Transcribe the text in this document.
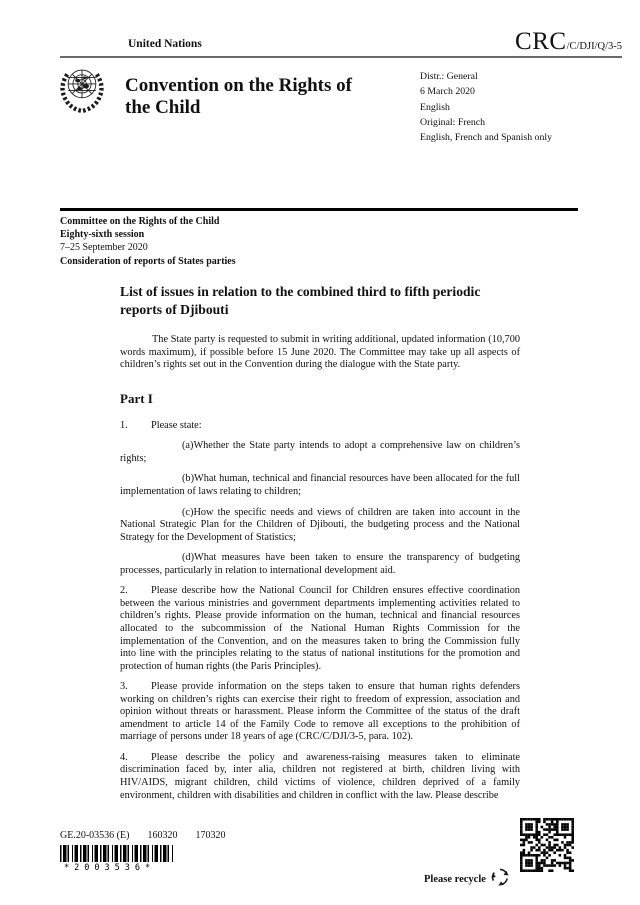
United Nations	CRC/C/DJI/Q/3-5
Convention on the Rights of the Child
Distr.: General
6 March 2020
English
Original: French
English, French and Spanish only
Committee on the Rights of the Child
Eighty-sixth session
7–25 September 2020
Consideration of reports of States parties
List of issues in relation to the combined third to fifth periodic reports of Djibouti

The State party is requested to submit in writing additional, updated information (10,700 words maximum), if possible before 15 June 2020. The Committee may take up all aspects of children’s rights set out in the Convention during the dialogue with the State party.

Part I

1. Please state:

(a)Whether the State party intends to adopt a comprehensive law on children’s rights;

(b)What human, technical and financial resources have been allocated for the full implementation of laws relating to children;

(c)How the specific needs and views of children are taken into account in the National Strategic Plan for the Children of Djibouti, the budgeting process and the National Strategy for the Development of Statistics;

(d)What measures have been taken to ensure the transparency of budgeting processes, particularly in relation to international development aid.

2. Please describe how the National Council for Children ensures effective coordination between the various ministries and government departments implementing activities related to children’s rights. Please provide information on the human, technical and financial resources allocated to the subcommission of the National Human Rights Commission for the implementation of the Convention, and on the measures taken to bring the Commission fully into line with the principles relating to the status of national institutions for the promotion and protection of human rights (the Paris Principles).

3. Please provide information on the steps taken to ensure that human rights defenders working on children’s rights can exercise their right to freedom of expression, association and opinion without threats or harassment. Please inform the Committee of the status of the draft amendment to article 14 of the Family Code to remove all exceptions to the prohibition of marriage of persons under 18 years of age (CRC/C/DJI/3-5, para. 102).

4. Please describe the policy and awareness-raising measures taken to eliminate discrimination faced by, inter alia, children not registered at birth, children living with HIV/AIDS, migrant children, child victims of violence, children deprived of a family environment, children with disabilities and children in conflict with the law. Please describe

GE.20-03536 (E) 160320 170320
*2003536*
Please recycle
